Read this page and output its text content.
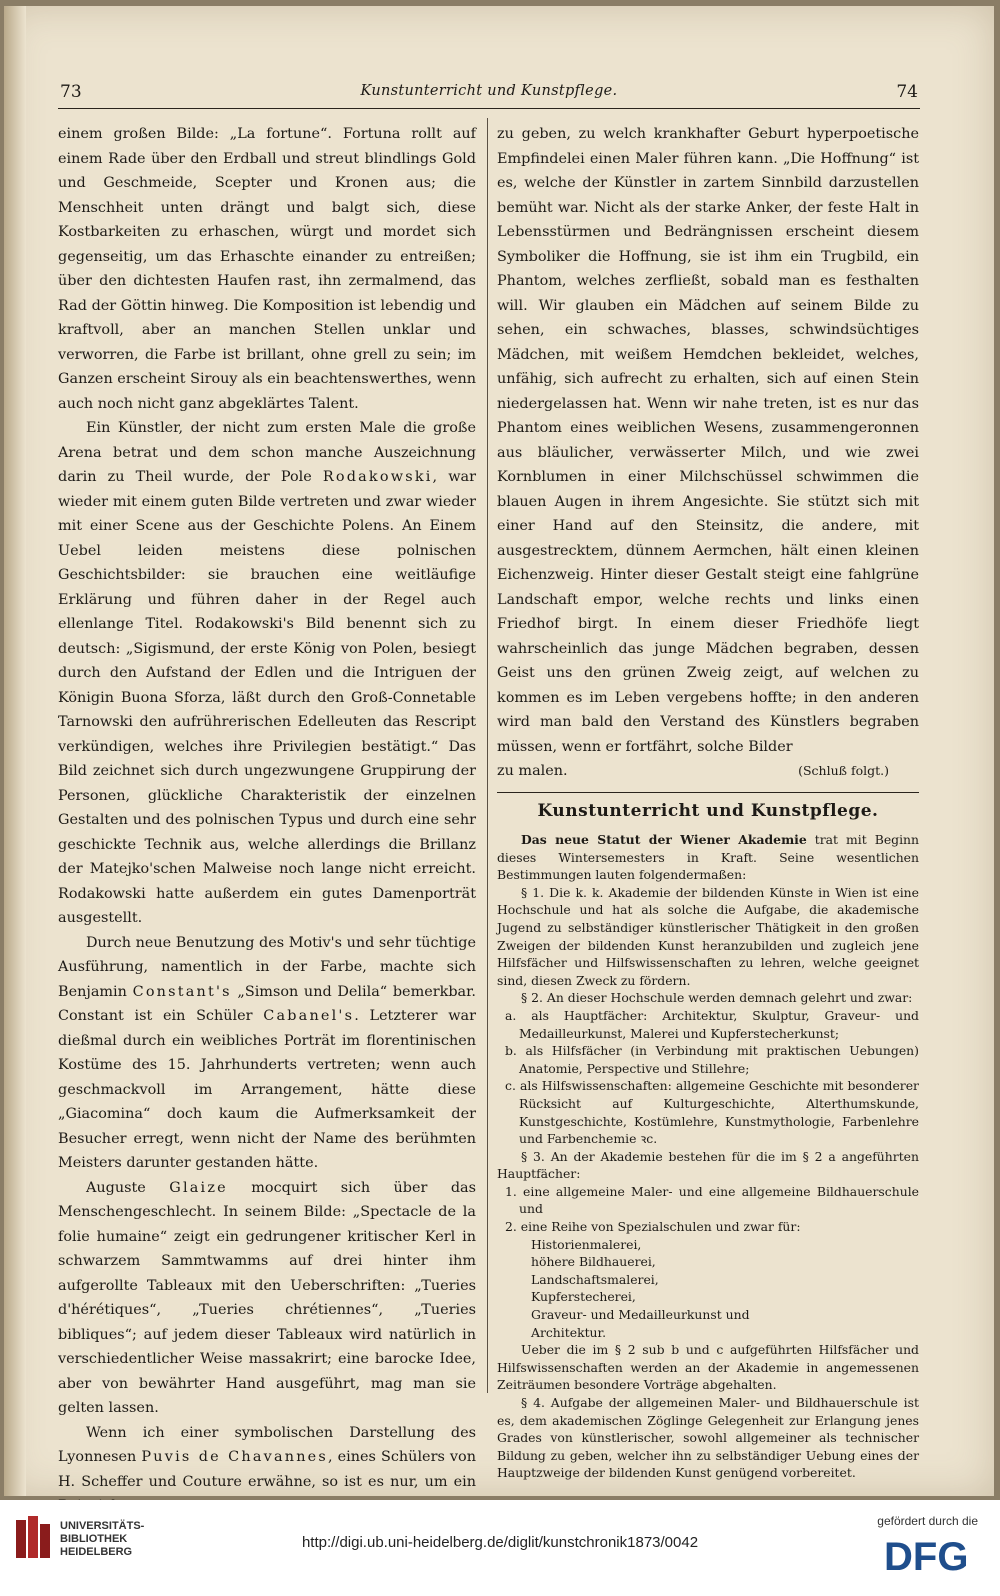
73	Kunstunterricht und Kunstpflege.	74

einem großen Bilde: „La fortune“. Fortuna rollt auf einem Rade über den Erdball und streut blindlings Gold und Geschmeide, Scepter und Kronen aus; die Menschheit unten drängt und balgt sich, diese Kostbarkeiten zu erhaschen, würgt und mordet sich gegenseitig, um das Erhaschte einander zu entreißen; über den dichtesten Haufen rast, ihn zermalmend, das Rad der Göttin hinweg. Die Komposition ist lebendig und kraftvoll, aber an manchen Stellen unklar und verworren, die Farbe ist brillant, ohne grell zu sein; im Ganzen erscheint Sirouy als ein beachtenswerthes, wenn auch noch nicht ganz abgeklärtes Talent.

Ein Künstler, der nicht zum ersten Male die große Arena betrat und dem schon manche Auszeichnung darin zu Theil wurde, der Pole Rodakowski, war wieder mit einem guten Bilde vertreten und zwar wieder mit einer Scene aus der Geschichte Polens. An Einem Uebel leiden meistens diese polnischen Geschichtsbilder: sie brauchen eine weitläufige Erklärung und führen daher in der Regel auch ellenlange Titel. Rodakowski's Bild benennt sich zu deutsch: „Sigismund, der erste König von Polen, besiegt durch den Aufstand der Edlen und die Intriguen der Königin Buona Sforza, läßt durch den Groß-Connetable Tarnowski den aufrührerischen Edelleuten das Rescript verkündigen, welches ihre Privilegien bestätigt.“ Das Bild zeichnet sich durch ungezwungene Gruppirung der Personen, glückliche Charakteristik der einzelnen Gestalten und des polnischen Typus und durch eine sehr geschickte Technik aus, welche allerdings die Brillanz der Matejko'schen Malweise noch lange nicht erreicht. Rodakowski hatte außerdem ein gutes Damenporträt ausgestellt.

Durch neue Benutzung des Motiv's und sehr tüchtige Ausführung, namentlich in der Farbe, machte sich Benjamin Constant's „Simson und Delila“ bemerkbar. Constant ist ein Schüler Cabanel's. Letzterer war dießmal durch ein weibliches Porträt im florentinischen Kostüme des 15. Jahrhunderts vertreten; wenn auch geschmackvoll im Arrangement, hätte diese „Giacomina“ doch kaum die Aufmerksamkeit der Besucher erregt, wenn nicht der Name des berühmten Meisters darunter gestanden hätte.

Auguste Glaize mocquirt sich über das Menschengeschlecht. In seinem Bilde: „Spectacle de la folie humaine“ zeigt ein gedrungener kritischer Kerl in schwarzem Sammtwamms auf drei hinter ihm aufgerollte Tableaux mit den Ueberschriften: „Tueries d'hérétiques“, „Tueries chrétiennes“, „Tueries bibliques“; auf jedem dieser Tableaux wird natürlich in verschiedentlicher Weise massakrirt; eine barocke Idee, aber von bewährter Hand ausgeführt, mag man sie gelten lassen.

Wenn ich einer symbolischen Darstellung des Lyonnesen Puvis de Chavannes, eines Schülers von H. Scheffer und Couture erwähne, so ist es nur, um ein

zu geben, zu welch krankhafter Geburt hyperpoetische Empfindelei einen Maler führen kann. „Die Hoffnung“ ist es, welche der Künstler in zartem Sinnbild darzustellen bemüht war. Nicht als der starke Anker, der feste Halt in Lebensstürmen und Bedrängnissen erscheint diesem Symboliker die Hoffnung, sie ist ihm ein Trugbild, ein Phantom, welches zerfließt, sobald man es festhalten will. Wir glauben ein Mädchen auf seinem Bilde zu sehen, ein schwaches, blasses, schwindsüchtiges Mädchen, mit weißem Hemdchen bekleidet, welches, unfähig, sich aufrecht zu erhalten, sich auf einen Stein niedergelassen hat. Wenn wir nahe treten, ist es nur das Phantom eines weiblichen Wesens, zusammengeronnen aus bläulicher, verwässerter Milch, und wie zwei Kornblumen in einer Milchschüssel schwimmen die blauen Augen in ihrem Angesichte. Sie stützt sich mit einer Hand auf den Steinsitz, die andere, mit ausgestrecktem, dünnem Aermchen, hält einen kleinen Eichenzweig. Hinter dieser Gestalt steigt eine fahlgrüne Landschaft empor, welche rechts und links einen Friedhof birgt. In einem dieser Friedhöfe liegt wahrscheinlich das junge Mädchen begraben, dessen Geist uns den grünen Zweig zeigt, auf welchen zu kommen es im Leben vergebens hoffte; in den anderen wird man bald den Verstand des Künstlers begraben müssen, wenn er fortfährt, solche Bilder

zu malen.	(Schluß folgt.)
Kunstunterricht und Kunstpflege.

Das neue Statut der Wiener Akademie trat mit Beginn dieses Wintersemesters in Kraft. Seine wesentlichen Bestimmungen lauten folgendermaßen:

§ 1. Die k. k. Akademie der bildenden Künste in Wien ist eine Hochschule und hat als solche die Aufgabe, die akademische Jugend zu selbständiger künstlerischer Thätigkeit in den großen Zweigen der bildenden Kunst heranzubilden und zugleich jene Hilfsfächer und Hilfswissenschaften zu lehren, welche geeignet sind, diesen Zweck zu fördern.

§ 2. An dieser Hochschule werden demnach gelehrt und zwar:

a. als Hauptfächer: Architektur, Skulptur, Graveur- und Medailleurkunst, Malerei und Kupferstecherkunst;
b. als Hilfsfächer (in Verbindung mit praktischen Uebungen) Anatomie, Perspective und Stillehre;
c. als Hilfswissenschaften: allgemeine Geschichte mit besonderer Rücksicht auf Kulturgeschichte, Alterthumskunde, Kunstgeschichte, Kostümlehre, Kunstmythologie, Farbenlehre und Farbenchemie ꝛc.

§ 3. An der Akademie bestehen für die im § 2 a angeführten Hauptfächer:

1. eine allgemeine Maler- und eine allgemeine Bildhauerschule und
2. eine Reihe von Spezialschulen und zwar für:
Historienmalerei,
höhere Bildhauerei,
Landschaftsmalerei,
Kupferstecherei,
Graveur- und Medailleurkunst und
Architektur.

Ueber die im § 2 sub b und c aufgeführten Hilfsfächer und Hilfswissenschaften werden an der Akademie in angemessenen Zeiträumen besondere Vorträge abgehalten.

§ 4. Aufgabe der allgemeinen Maler- und Bildhauerschule ist es, dem akademischen Zöglinge Gelegenheit zur Erlangung jenes Grades von künstlerischer, sowohl allgemeiner als technischer Bildung zu geben, welcher ihn zu selbständiger Uebung eines der Hauptzweige der bildenden Kunst genügend vorbereitet.

UNIVERSITÄTS-
BIBLIOTHEK
HEIDELBERG
http://digi.ub.uni-heidelberg.de/diglit/kunstchronik1873/0042
gefördert durch die
DFG
